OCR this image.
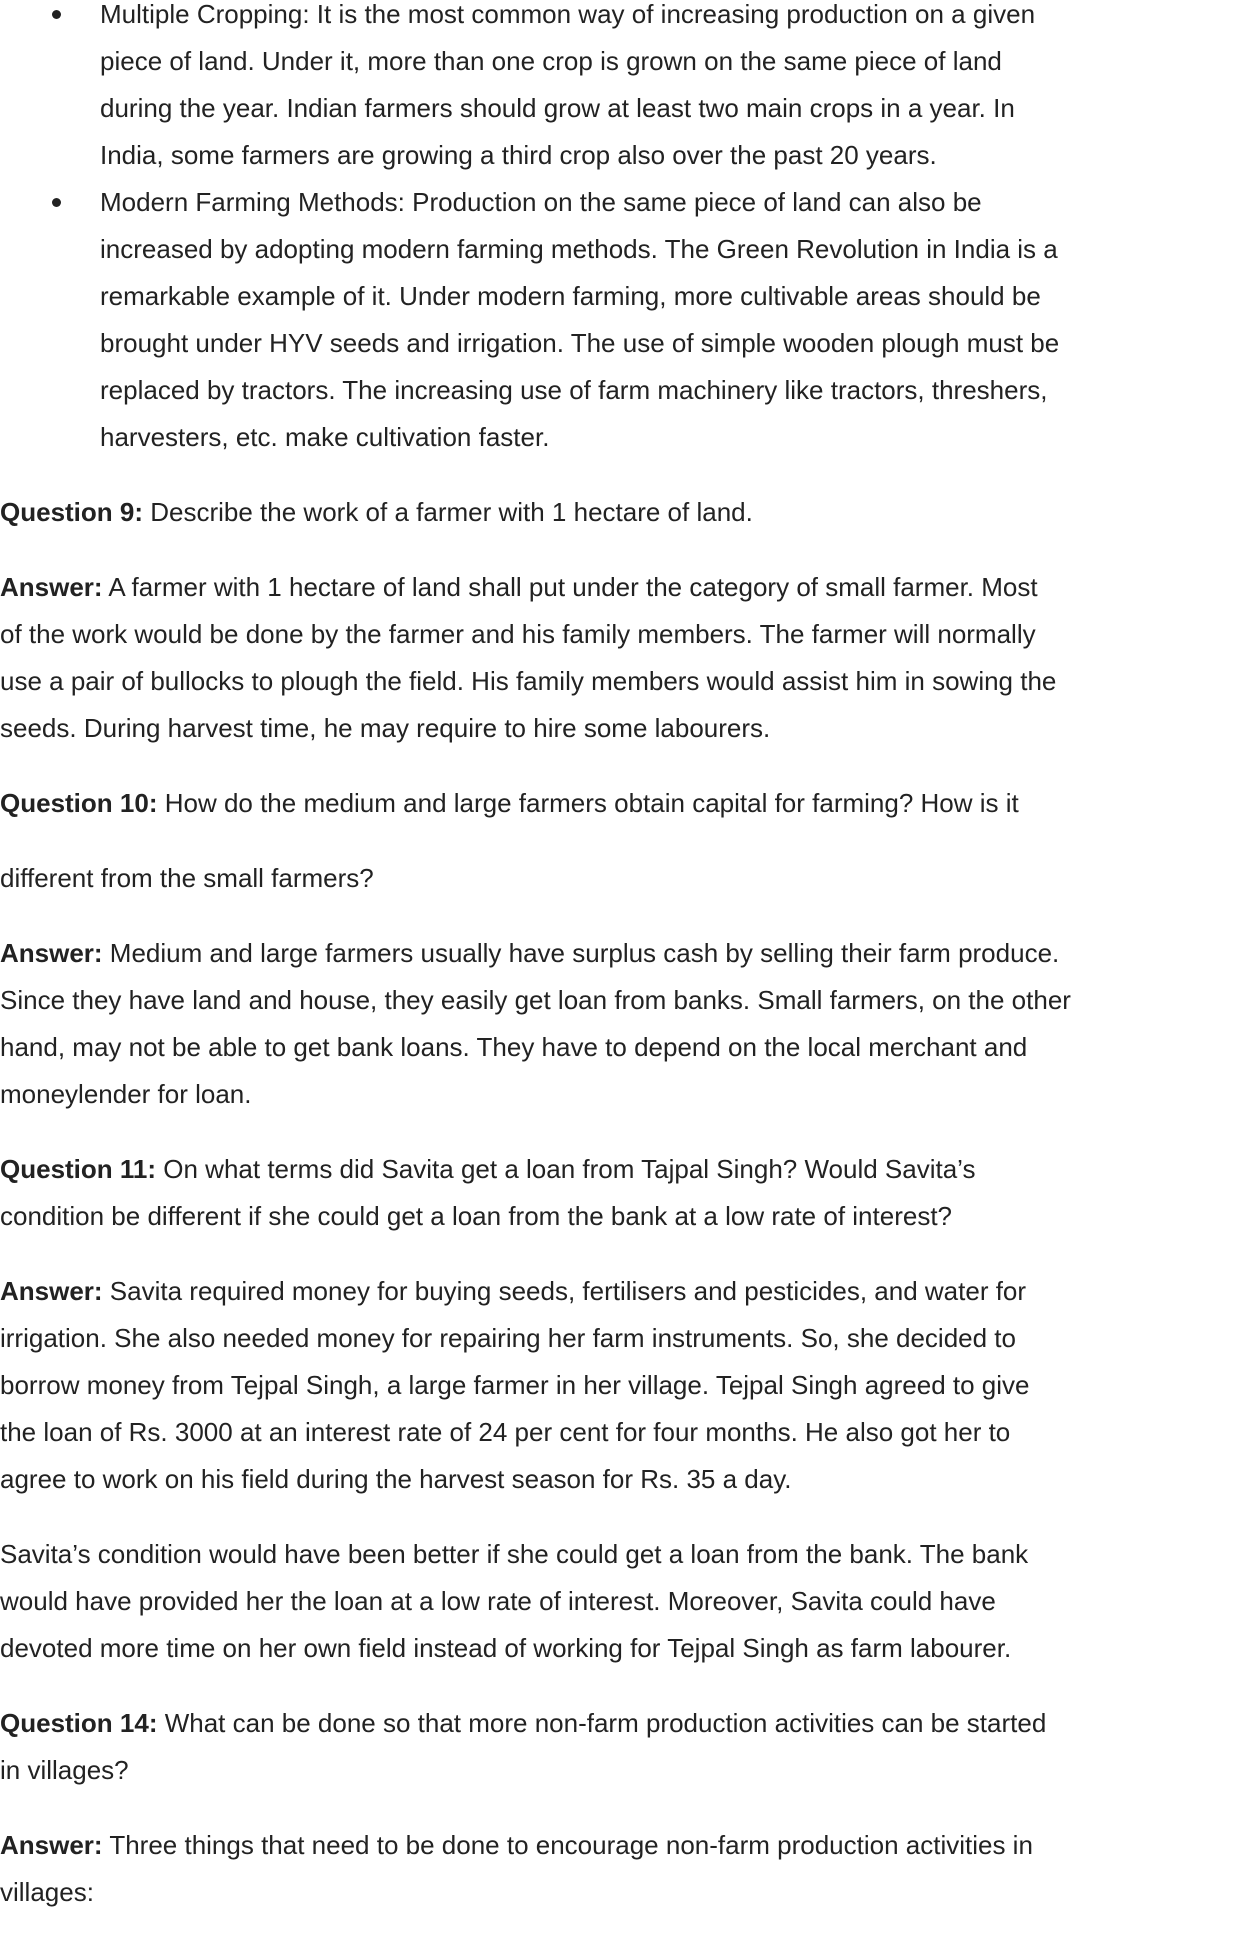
Multiple Cropping: It is the most common way of increasing production on a given
piece of land. Under it, more than one crop is grown on the same piece of land
during the year. Indian farmers should grow at least two main crops in a year. In
India, some farmers are growing a third crop also over the past 20 years.
Modern Farming Methods: Production on the same piece of land can also be
increased by adopting modern farming methods. The Green Revolution in India is a
remarkable example of it. Under modern farming, more cultivable areas should be
brought under HYV seeds and irrigation. The use of simple wooden plough must be
replaced by tractors. The increasing use of farm machinery like tractors, threshers,
harvesters, etc. make cultivation faster.
Question 9: Describe the work of a farmer with 1 hectare of land.
Answer: A farmer with 1 hectare of land shall put under the category of small farmer. Most
of the work would be done by the farmer and his family members. The farmer will normally
use a pair of bullocks to plough the field. His family members would assist him in sowing the
seeds. During harvest time, he may require to hire some labourers.
Question 10: How do the medium and large farmers obtain capital for farming? How is it
different from the small farmers?
Answer: Medium and large farmers usually have surplus cash by selling their farm produce.
Since they have land and house, they easily get loan from banks. Small farmers, on the other
hand, may not be able to get bank loans. They have to depend on the local merchant and
moneylender for loan.
Question 11: On what terms did Savita get a loan from Tajpal Singh? Would Savita’s
condition be different if she could get a loan from the bank at a low rate of interest?
Answer: Savita required money for buying seeds, fertilisers and pesticides, and water for
irrigation. She also needed money for repairing her farm instruments. So, she decided to
borrow money from Tejpal Singh, a large farmer in her village. Tejpal Singh agreed to give
the loan of Rs. 3000 at an interest rate of 24 per cent for four months. He also got her to
agree to work on his field during the harvest season for Rs. 35 a day.
Savita’s condition would have been better if she could get a loan from the bank. The bank
would have provided her the loan at a low rate of interest. Moreover, Savita could have
devoted more time on her own field instead of working for Tejpal Singh as farm labourer.
Question 14: What can be done so that more non-farm production activities can be started
in villages?
Answer: Three things that need to be done to encourage non-farm production activities in
villages:
